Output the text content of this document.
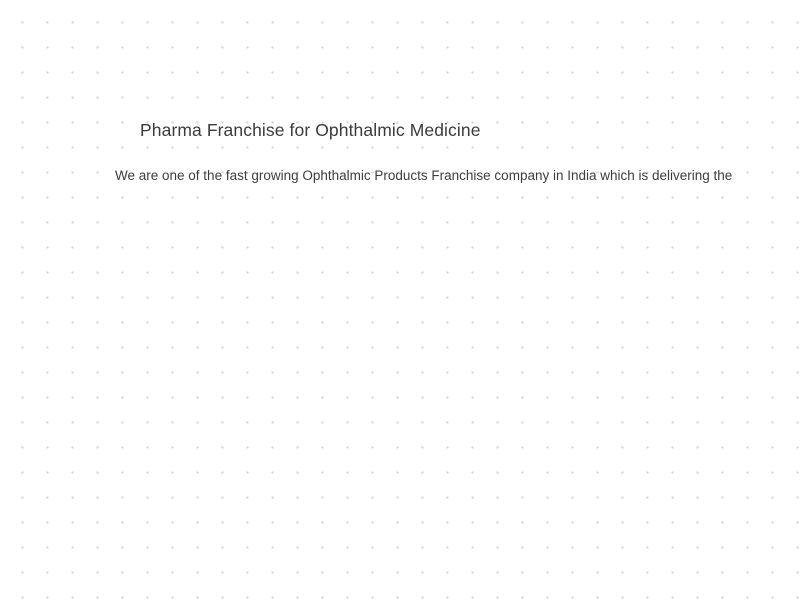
Pharma Franchise for Ophthalmic Medicine

We are one of the fast growing Ophthalmic Products Franchise company in India which is delivering the
